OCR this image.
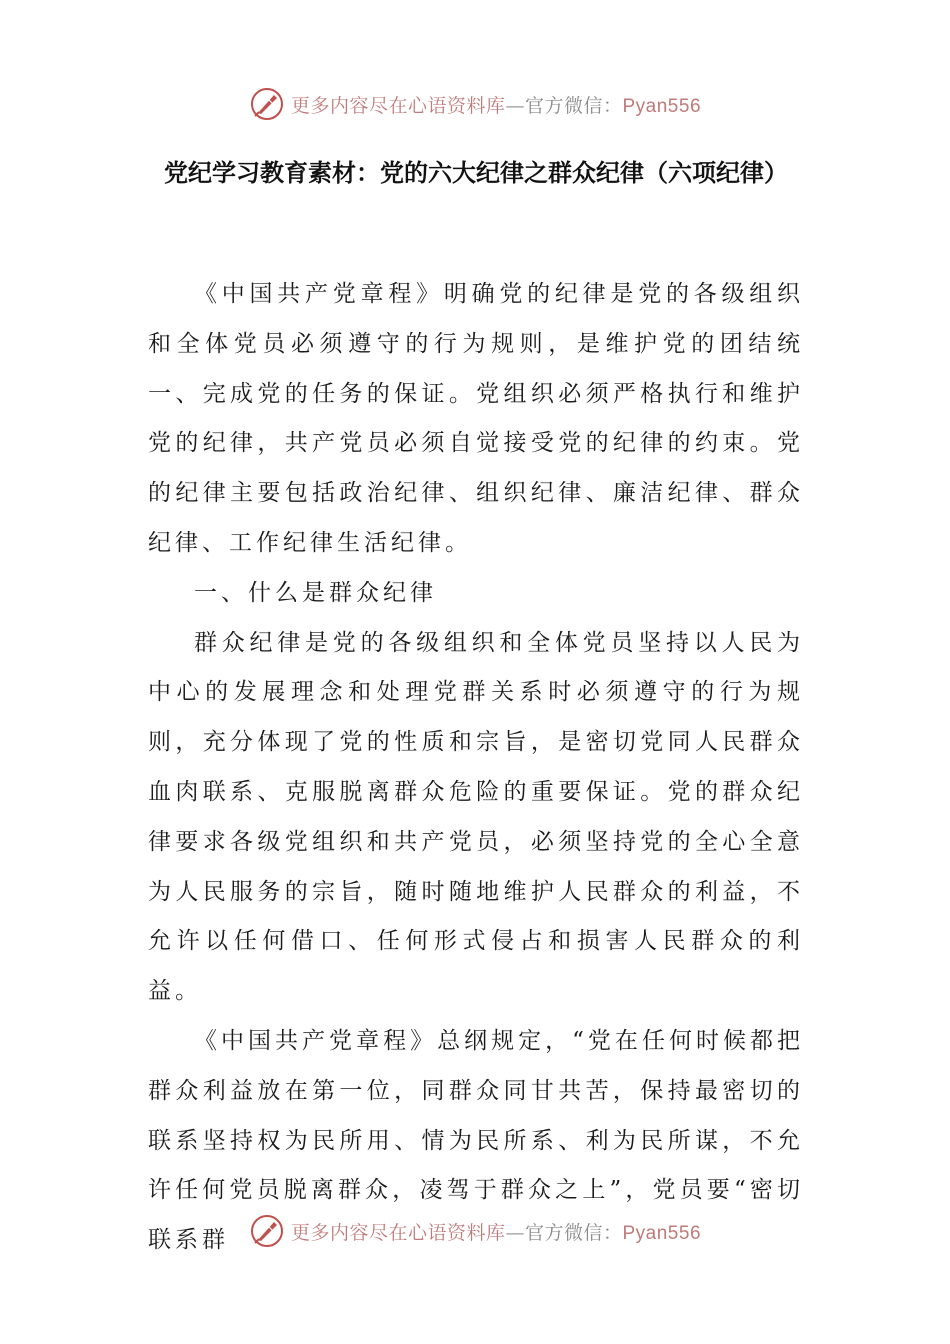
更多内容尽在心语资料库—官方微信：Pyan556
党纪学习教育素材：党的六大纪律之群众纪律（六项纪律）

《中国共产党章程》明确党的纪律是党的各级组织和全体党员必须遵守的行为规则，是维护党的团结统一、完成党的任务的保证。党组织必须严格执行和维护党的纪律，共产党员必须自觉接受党的纪律的约束。党的纪律主要包括政治纪律、组织纪律、廉洁纪律、群众纪律、工作纪律生活纪律。

一、什么是群众纪律

群众纪律是党的各级组织和全体党员坚持以人民为中心的发展理念和处理党群关系时必须遵守的行为规则，充分体现了党的性质和宗旨，是密切党同人民群众血肉联系、克服脱离群众危险的重要保证。党的群众纪律要求各级党组织和共产党员，必须坚持党的全心全意为人民服务的宗旨，随时随地维护人民群众的利益，不允许以任何借口、任何形式侵占和损害人民群众的利益。

《中国共产党章程》总纲规定，“党在任何时候都把群众利益放在第一位，同群众同甘共苦，保持最密切的联系坚持权为民所用、情为民所系、利为民所谋，不允许任何党员脱离群众，凌驾于群众之上”，党员要“密切联系群	更多内容尽在心语资料库—官方微信：Pyan556
